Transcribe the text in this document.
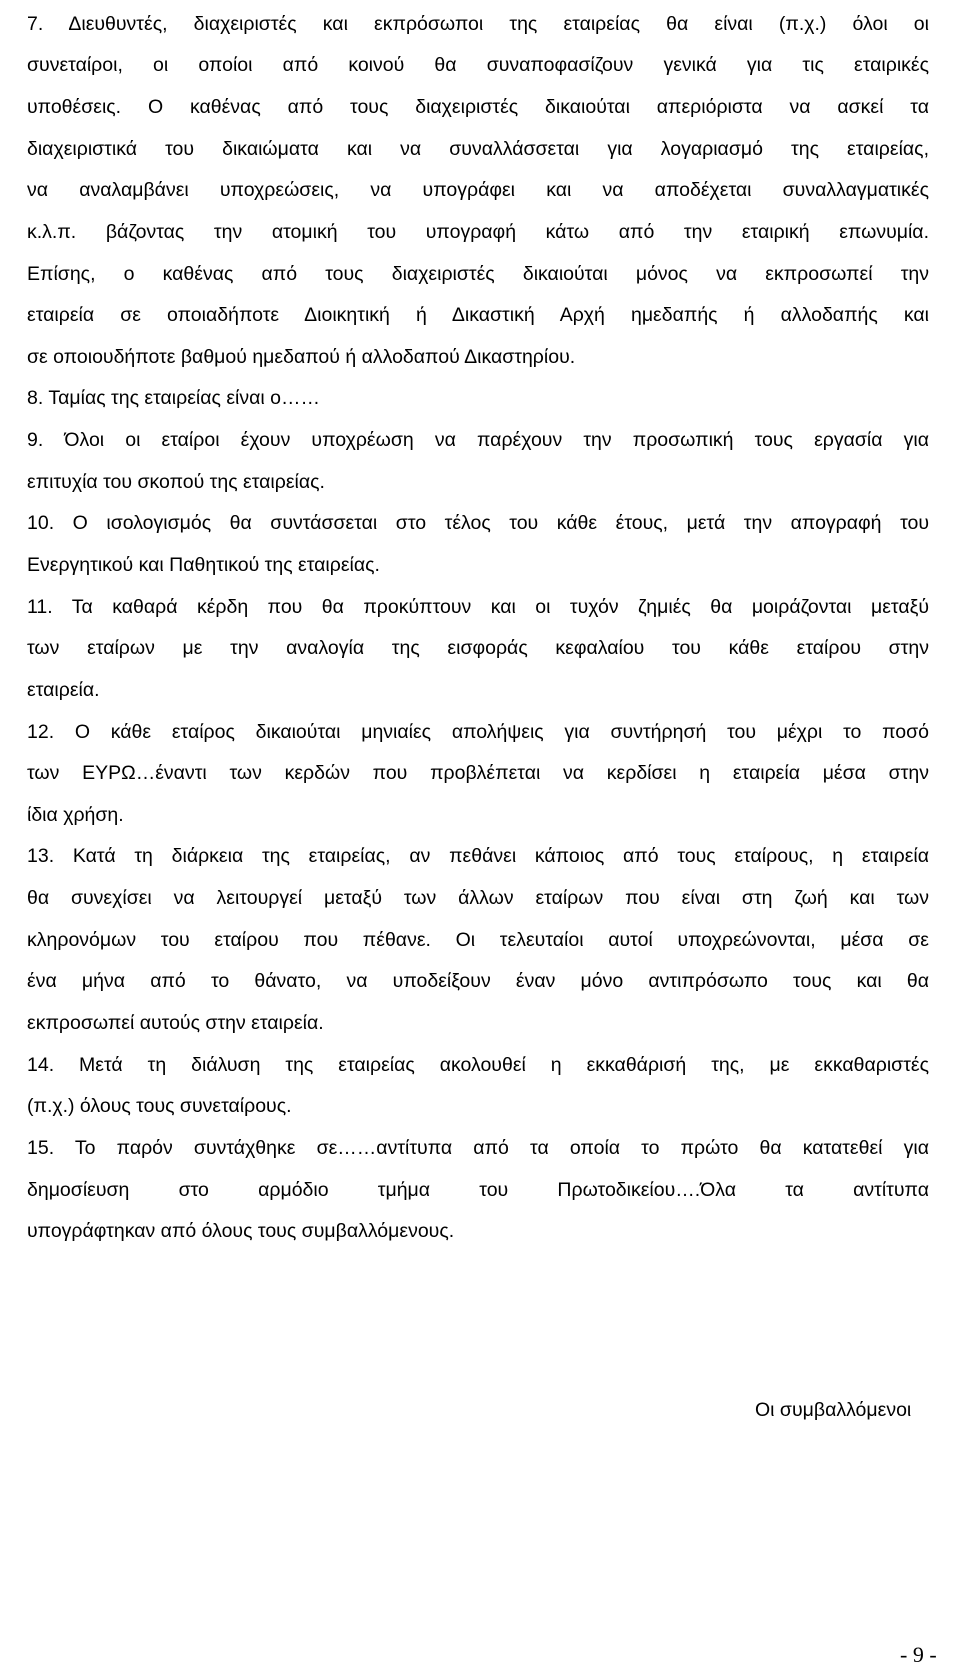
7. Διευθυντές, διαχειριστές και εκπρόσωποι της εταιρείας θα είναι (π.χ.) όλοι οι
συνεταίροι, οι οποίοι από κοινού θα συναποφασίζουν γενικά για τις εταιρικές
υποθέσεις. Ο καθένας από τους διαχειριστές δικαιούται απεριόριστα να ασκεί τα
διαχειριστικά του δικαιώματα και να συναλλάσσεται για λογαριασμό της εταιρείας,
να αναλαμβάνει υποχρεώσεις, να υπογράφει και να αποδέχεται συναλλαγματικές
κ.λ.π. βάζοντας την ατομική του υπογραφή κάτω από την εταιρική επωνυμία.
Επίσης, ο καθένας από τους διαχειριστές δικαιούται μόνος να εκπροσωπεί την
εταιρεία σε οποιαδήποτε Διοικητική ή Δικαστική Αρχή ημεδαπής ή αλλοδαπής και
σε οποιουδήποτε βαθμού ημεδαπού ή αλλοδαπού Δικαστηρίου.
8. Ταμίας της εταιρείας είναι ο……
9. Όλοι οι εταίροι έχουν υποχρέωση να παρέχουν την προσωπική τους εργασία για
επιτυχία του σκοπού της εταιρείας.
10. Ο ισολογισμός θα συντάσσεται στο τέλος του κάθε έτους, μετά την απογραφή του
Ενεργητικού και Παθητικού της εταιρείας.
11. Τα καθαρά κέρδη που θα προκύπτουν και οι τυχόν ζημιές θα μοιράζονται μεταξύ
των εταίρων με την αναλογία της εισφοράς κεφαλαίου του κάθε εταίρου στην
εταιρεία.
12. Ο κάθε εταίρος δικαιούται μηνιαίες απολήψεις για συντήρησή του μέχρι το ποσό
των ΕΥΡΩ…έναντι των κερδών που προβλέπεται να κερδίσει η εταιρεία μέσα στην
ίδια χρήση.
13. Κατά τη διάρκεια της εταιρείας, αν πεθάνει κάποιος από τους εταίρους, η εταιρεία
θα συνεχίσει να λειτουργεί μεταξύ των άλλων εταίρων που είναι στη ζωή και των
κληρονόμων του εταίρου που πέθανε. Οι τελευταίοι αυτοί υποχρεώνονται, μέσα σε
ένα μήνα από το θάνατο, να υποδείξουν έναν μόνο αντιπρόσωπο τους και θα
εκπροσωπεί αυτούς στην εταιρεία.
14. Μετά τη διάλυση της εταιρείας ακολουθεί η εκκαθάρισή της, με εκκαθαριστές
(π.χ.) όλους τους συνεταίρους.
15. Το παρόν συντάχθηκε σε……αντίτυπα από τα οποία το πρώτο θα κατατεθεί για
δημοσίευση στο αρμόδιο τμήμα του Πρωτοδικείου….Όλα τα αντίτυπα
υπογράφτηκαν από όλους τους συμβαλλόμενους.
Οι συμβαλλόμενοι
- 9 -
